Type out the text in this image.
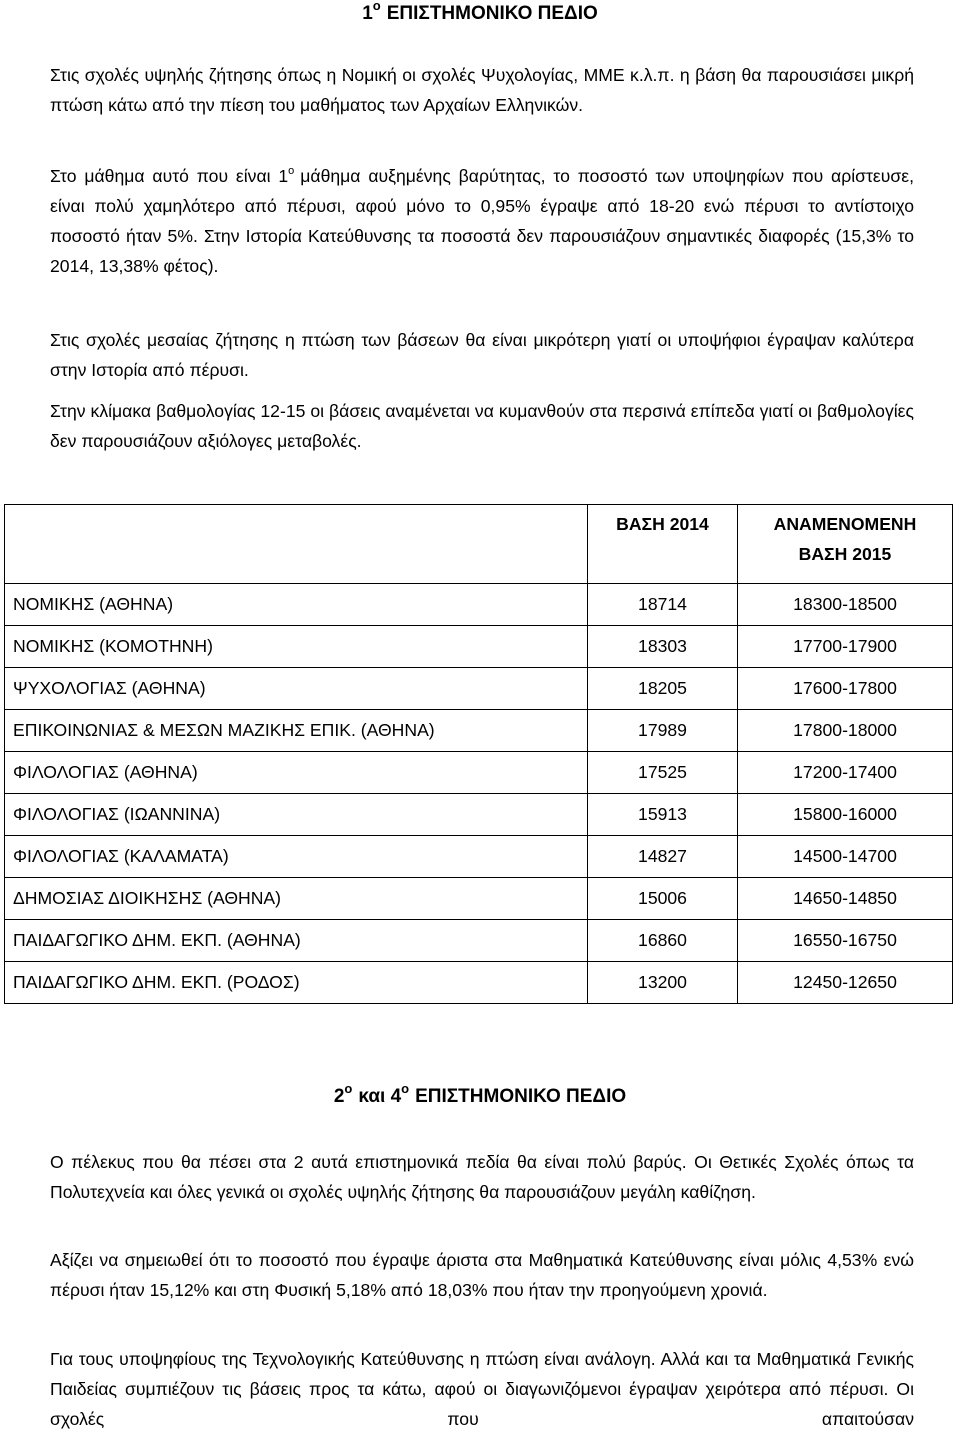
$1^o$ ΕΠΙΣΤΗΜΟΝΙΚΟ ΠΕΔΙΟ

Στις σχολές υψηλής ζήτησης όπως η Νομική οι σχολές Ψυχολογίας, ΜΜΕ κ.λ.π. η βάση θα παρουσιάσει μικρή πτώση κάτω από την πίεση του μαθήματος των Αρχαίων Ελληνικών.

Στο μάθημα αυτό που είναι $1^o$ μάθημα αυξημένης βαρύτητας, το ποσοστό των υποψηφίων που αρίστευσε, είναι πολύ χαμηλότερο από πέρυσι, αφού μόνο το 0,95% έγραψε από 18-20 ενώ πέρυσι το αντίστοιχο ποσοστό ήταν 5%. Στην Ιστορία Κατεύθυνσης τα ποσοστά δεν παρουσιάζουν σημαντικές διαφορές (15,3% το 2014, 13,38% φέτος).

Στις σχολές μεσαίας ζήτησης η πτώση των βάσεων θα είναι μικρότερη γιατί οι υποψήφιοι έγραψαν καλύτερα στην Ιστορία από πέρυσι.

Στην κλίμακα βαθμολογίας 12-15 οι βάσεις αναμένεται να κυμανθούν στα περσινά επίπεδα γιατί οι βαθμολογίες δεν παρουσιάζουν αξιόλογες μεταβολές.

	ΒΑΣΗ 2014	ΑΝΑΜΕΝΟΜΕΝΗ
ΒΑΣΗ 2015

ΝΟΜΙΚΗΣ (ΑΘΗΝΑ)	18714	18300-18500
ΝΟΜΙΚΗΣ (ΚΟΜΟΤΗΝΗ)	18303	17700-17900
ΨΥΧΟΛΟΓΙΑΣ (ΑΘΗΝΑ)	18205	17600-17800
ΕΠΙΚΟΙΝΩΝΙΑΣ & ΜΕΣΩΝ ΜΑΖΙΚΗΣ ΕΠΙΚ. (ΑΘΗΝΑ)	17989	17800-18000
ΦΙΛΟΛΟΓΙΑΣ (ΑΘΗΝΑ)	17525	17200-17400
ΦΙΛΟΛΟΓΙΑΣ (ΙΩΑΝΝΙΝΑ)	15913	15800-16000
ΦΙΛΟΛΟΓΙΑΣ (ΚΑΛΑΜΑΤΑ)	14827	14500-14700
ΔΗΜΟΣΙΑΣ ΔΙΟΙΚΗΣΗΣ (ΑΘΗΝΑ)	15006	14650-14850
ΠΑΙΔΑΓΩΓΙΚΟ ΔΗΜ. ΕΚΠ. (ΑΘΗΝΑ)	16860	16550-16750
ΠΑΙΔΑΓΩΓΙΚΟ ΔΗΜ. ΕΚΠ. (ΡΟΔΟΣ)	13200	12450-12650
$2^o$ και $4^o$ ΕΠΙΣΤΗΜΟΝΙΚΟ ΠΕΔΙΟ

Ο πέλεκυς που θα πέσει στα 2 αυτά επιστημονικά πεδία θα είναι πολύ βαρύς. Οι Θετικές Σχολές όπως τα Πολυτεχνεία και όλες γενικά οι σχολές υψηλής ζήτησης θα παρουσιάζουν μεγάλη καθίζηση.

Αξίζει να σημειωθεί ότι το ποσοστό που έγραψε άριστα στα Μαθηματικά Κατεύθυνσης είναι μόλις 4,53% ενώ πέρυσι ήταν 15,12% και στη Φυσική 5,18% από 18,03% που ήταν την προηγούμενη χρονιά.

Για τους υποψηφίους της Τεχνολογικής Κατεύθυνσης η πτώση είναι ανάλογη. Αλλά και τα Μαθηματικά Γενικής Παιδείας συμπιέζουν τις βάσεις προς τα κάτω, αφού οι διαγωνιζόμενοι έγραψαν χειρότερα από πέρυσι. Οι σχολές που απαιτούσαν
